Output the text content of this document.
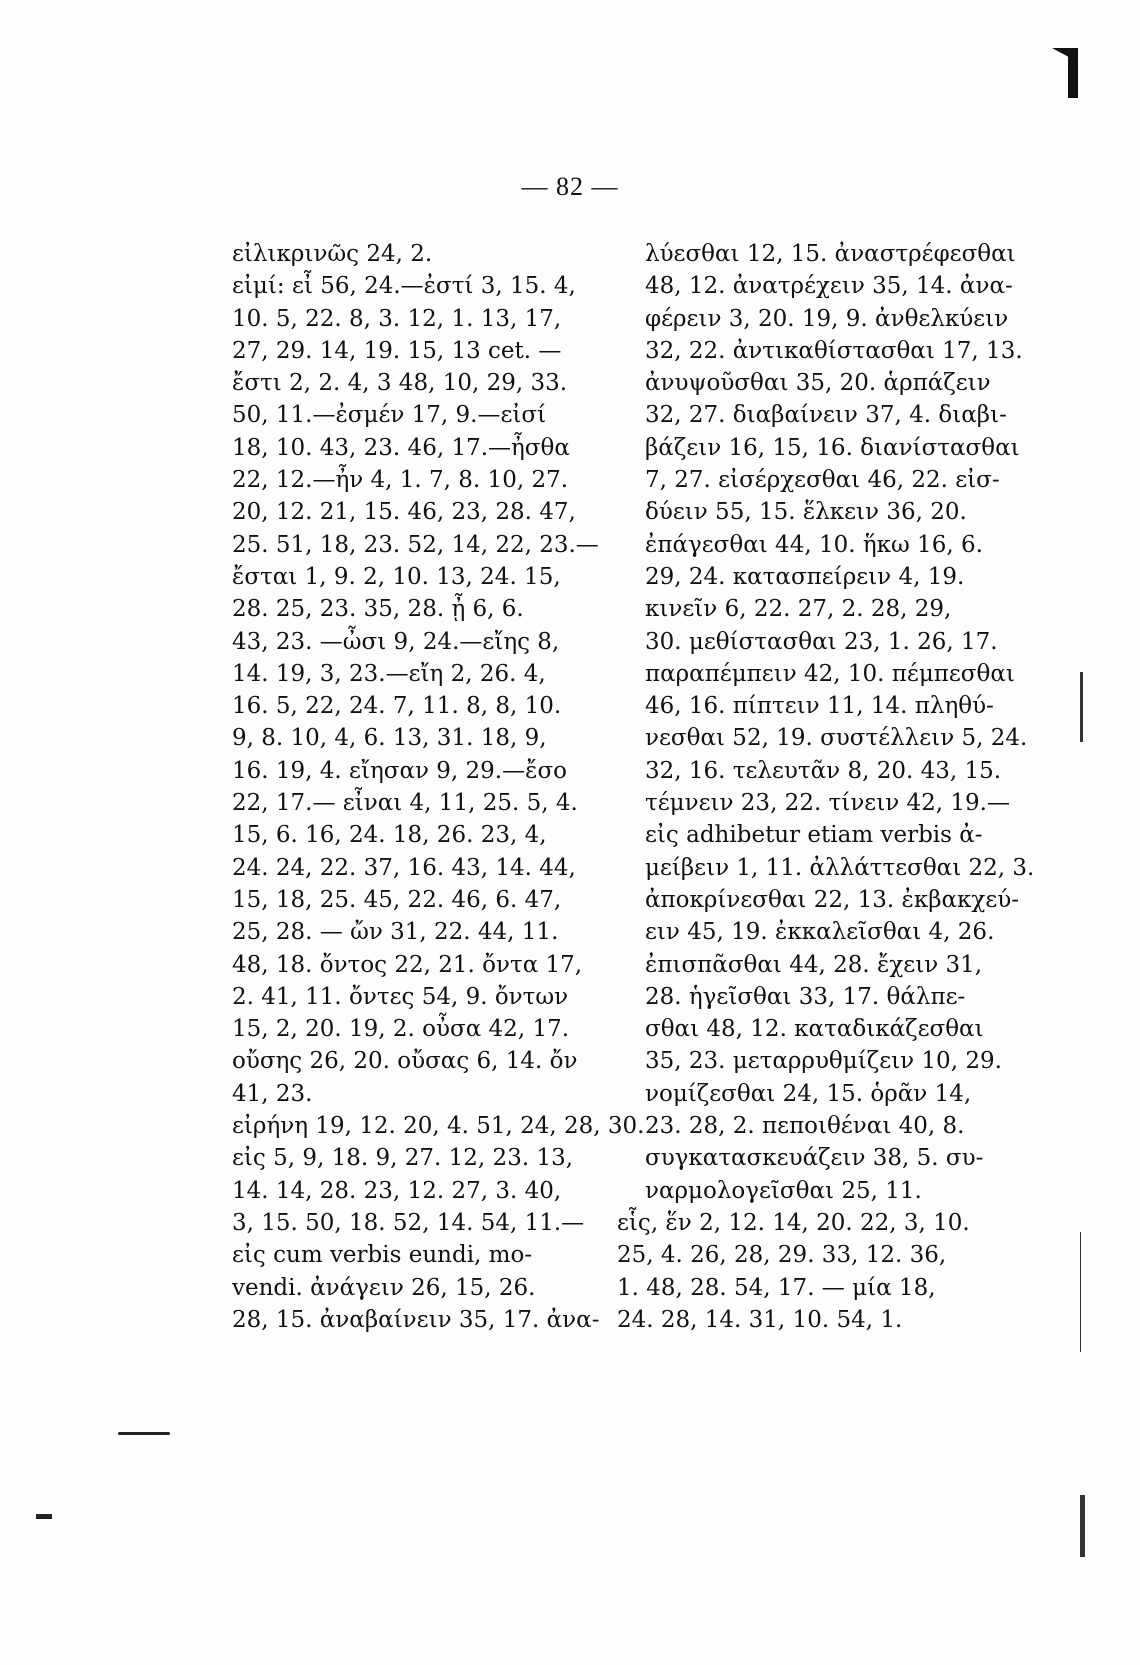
— 82 —
εἰλικρινῶς 24, 2.
εἰμί: εἶ 56, 24.—ἐστί 3, 15. 4,
10. 5, 22. 8, 3. 12, 1. 13, 17,
27, 29. 14, 19. 15, 13 cet. —
ἔστι 2, 2. 4, 3 48, 10, 29, 33.
50, 11.—ἐσμέν 17, 9.—εἰσί
18, 10. 43, 23. 46, 17.—ἦσθα
22, 12.—ἦν 4, 1. 7, 8. 10, 27.
20, 12. 21, 15. 46, 23, 28. 47,
25. 51, 18, 23. 52, 14, 22, 23.—
ἔσται 1, 9. 2, 10. 13, 24. 15,
28. 25, 23. 35, 28. ᾖ 6, 6.
43, 23. —ὦσι 9, 24.—εἴης 8,
14. 19, 3, 23.—εἴη 2, 26. 4,
16. 5, 22, 24. 7, 11. 8, 8, 10.
9, 8. 10, 4, 6. 13, 31. 18, 9,
16. 19, 4. εἴησαν 9, 29.—ἔσο
22, 17.— εἶναι 4, 11, 25. 5, 4.
15, 6. 16, 24. 18, 26. 23, 4,
24. 24, 22. 37, 16. 43, 14. 44,
15, 18, 25. 45, 22. 46, 6. 47,
25, 28. — ὤν 31, 22. 44, 11.
48, 18. ὄντος 22, 21. ὄντα 17,
2. 41, 11. ὄντες 54, 9. ὄντων
15, 2, 20. 19, 2. οὖσα 42, 17.
οὔσης 26, 20. οὔσας 6, 14. ὄν
41, 23.
εἰρήνη 19, 12. 20, 4. 51, 24, 28, 30.
εἰς 5, 9, 18. 9, 27. 12, 23. 13,
14. 14, 28. 23, 12. 27, 3. 40,
3, 15. 50, 18. 52, 14. 54, 11.—
εἰς cum verbis eundi, mo-
vendi. ἀνάγειν 26, 15, 26.
28, 15. ἀναβαίνειν 35, 17. ἀνα-
λύεσθαι 12, 15. ἀναστρέφεσθαι
48, 12. ἀνατρέχειν 35, 14. ἀνα-
φέρειν 3, 20. 19, 9. ἀνθελκύειν
32, 22. ἀντικαθίστασθαι 17, 13.
ἀνυψοῦσθαι 35, 20. ἁρπάζειν
32, 27. διαβαίνειν 37, 4. διαβι-
βάζειν 16, 15, 16. διανίστασθαι
7, 27. εἰσέρχεσθαι 46, 22. εἰσ-
δύειν 55, 15. ἕλκειν 36, 20.
ἐπάγεσθαι 44, 10. ἥκω 16, 6.
29, 24. κατασπείρειν 4, 19.
κινεῖν 6, 22. 27, 2. 28, 29,
30. μεθίστασθαι 23, 1. 26, 17.
παραπέμπειν 42, 10. πέμπεσθαι
46, 16. πίπτειν 11, 14. πληθύ-
νεσθαι 52, 19. συστέλλειν 5, 24.
32, 16. τελευτᾶν 8, 20. 43, 15.
τέμνειν 23, 22. τίνειν 42, 19.—
εἰς adhibetur etiam verbis ἀ-
μείβειν 1, 11. ἀλλάττεσθαι 22, 3.
ἀποκρίνεσθαι 22, 13. ἐκβακχεύ-
ειν 45, 19. ἐκκαλεῖσθαι 4, 26.
ἐπισπᾶσθαι 44, 28. ἔχειν 31,
28. ἡγεῖσθαι 33, 17. θάλπε-
σθαι 48, 12. καταδικάζεσθαι
35, 23. μεταρρυθμίζειν 10, 29.
νομίζεσθαι 24, 15. ὁρᾶν 14,
23. 28, 2. πεποιθέναι 40, 8.
συγκατασκευάζειν 38, 5. συ-
ναρμολογεῖσθαι 25, 11.
εἷς, ἕν 2, 12. 14, 20. 22, 3, 10.
25, 4. 26, 28, 29. 33, 12. 36,
1. 48, 28. 54, 17. — μία 18,
24. 28, 14. 31, 10. 54, 1.
